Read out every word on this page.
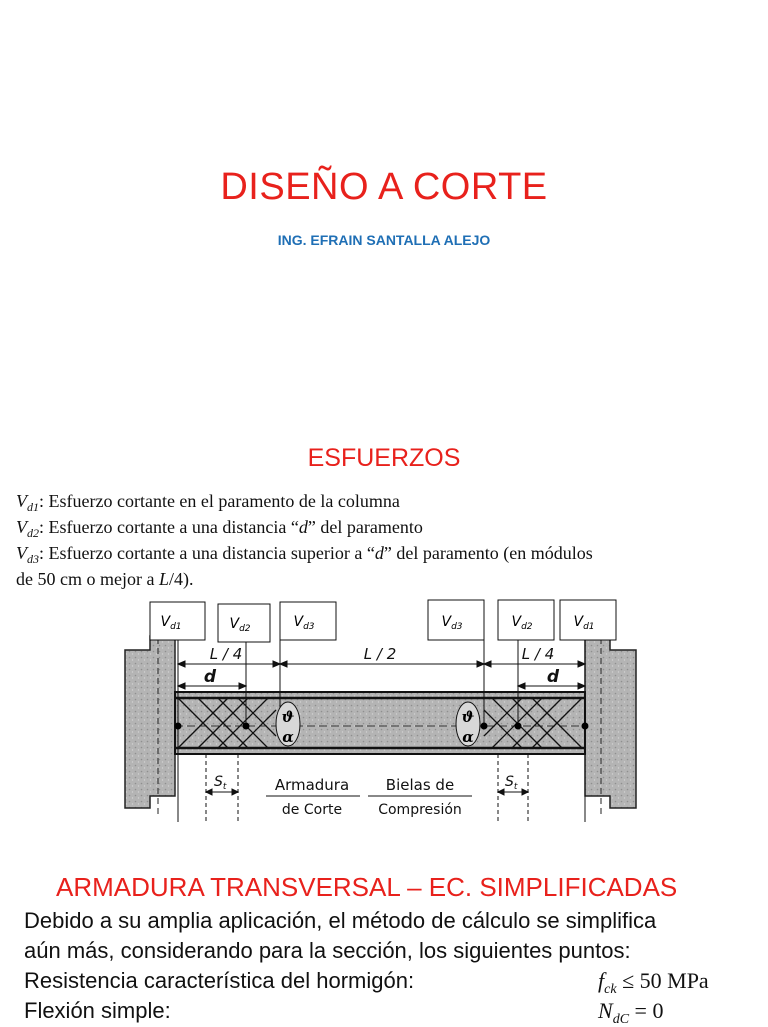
DISEÑO A CORTE
ING. EFRAIN SANTALLA ALEJO
ESFUERZOS
$V_{d1}$: Esfuerzo cortante en el paramento de la columna
$V_{d2}$: Esfuerzo cortante a una distancia “d” del paramento
$V_{d3}$: Esfuerzo cortante a una distancia superior a “d” del paramento (en módulos
de 50 cm o mejor a L/4).
ϑ
α
ϑ
α
$V_{d1}$	$V_{d2}$	$V_{d3}$	$V_{d3}$	$V_{d2}$	$V_{d1}$
L / 4	L / 2	L / 4
d	d
$S_t$	$S_t$
Armadura
de Corte
Bielas de
Compresión
ARMADURA TRANSVERSAL – EC. SIMPLIFICADAS
Debido a su amplia aplicación, el método de cálculo se simplifica
aún más, considerando para la sección, los siguientes puntos:
Resistencia característica del hormigón:	$f_{ck} \le 50$ MPa
Flexión simple:	$N_{dC} = 0$
